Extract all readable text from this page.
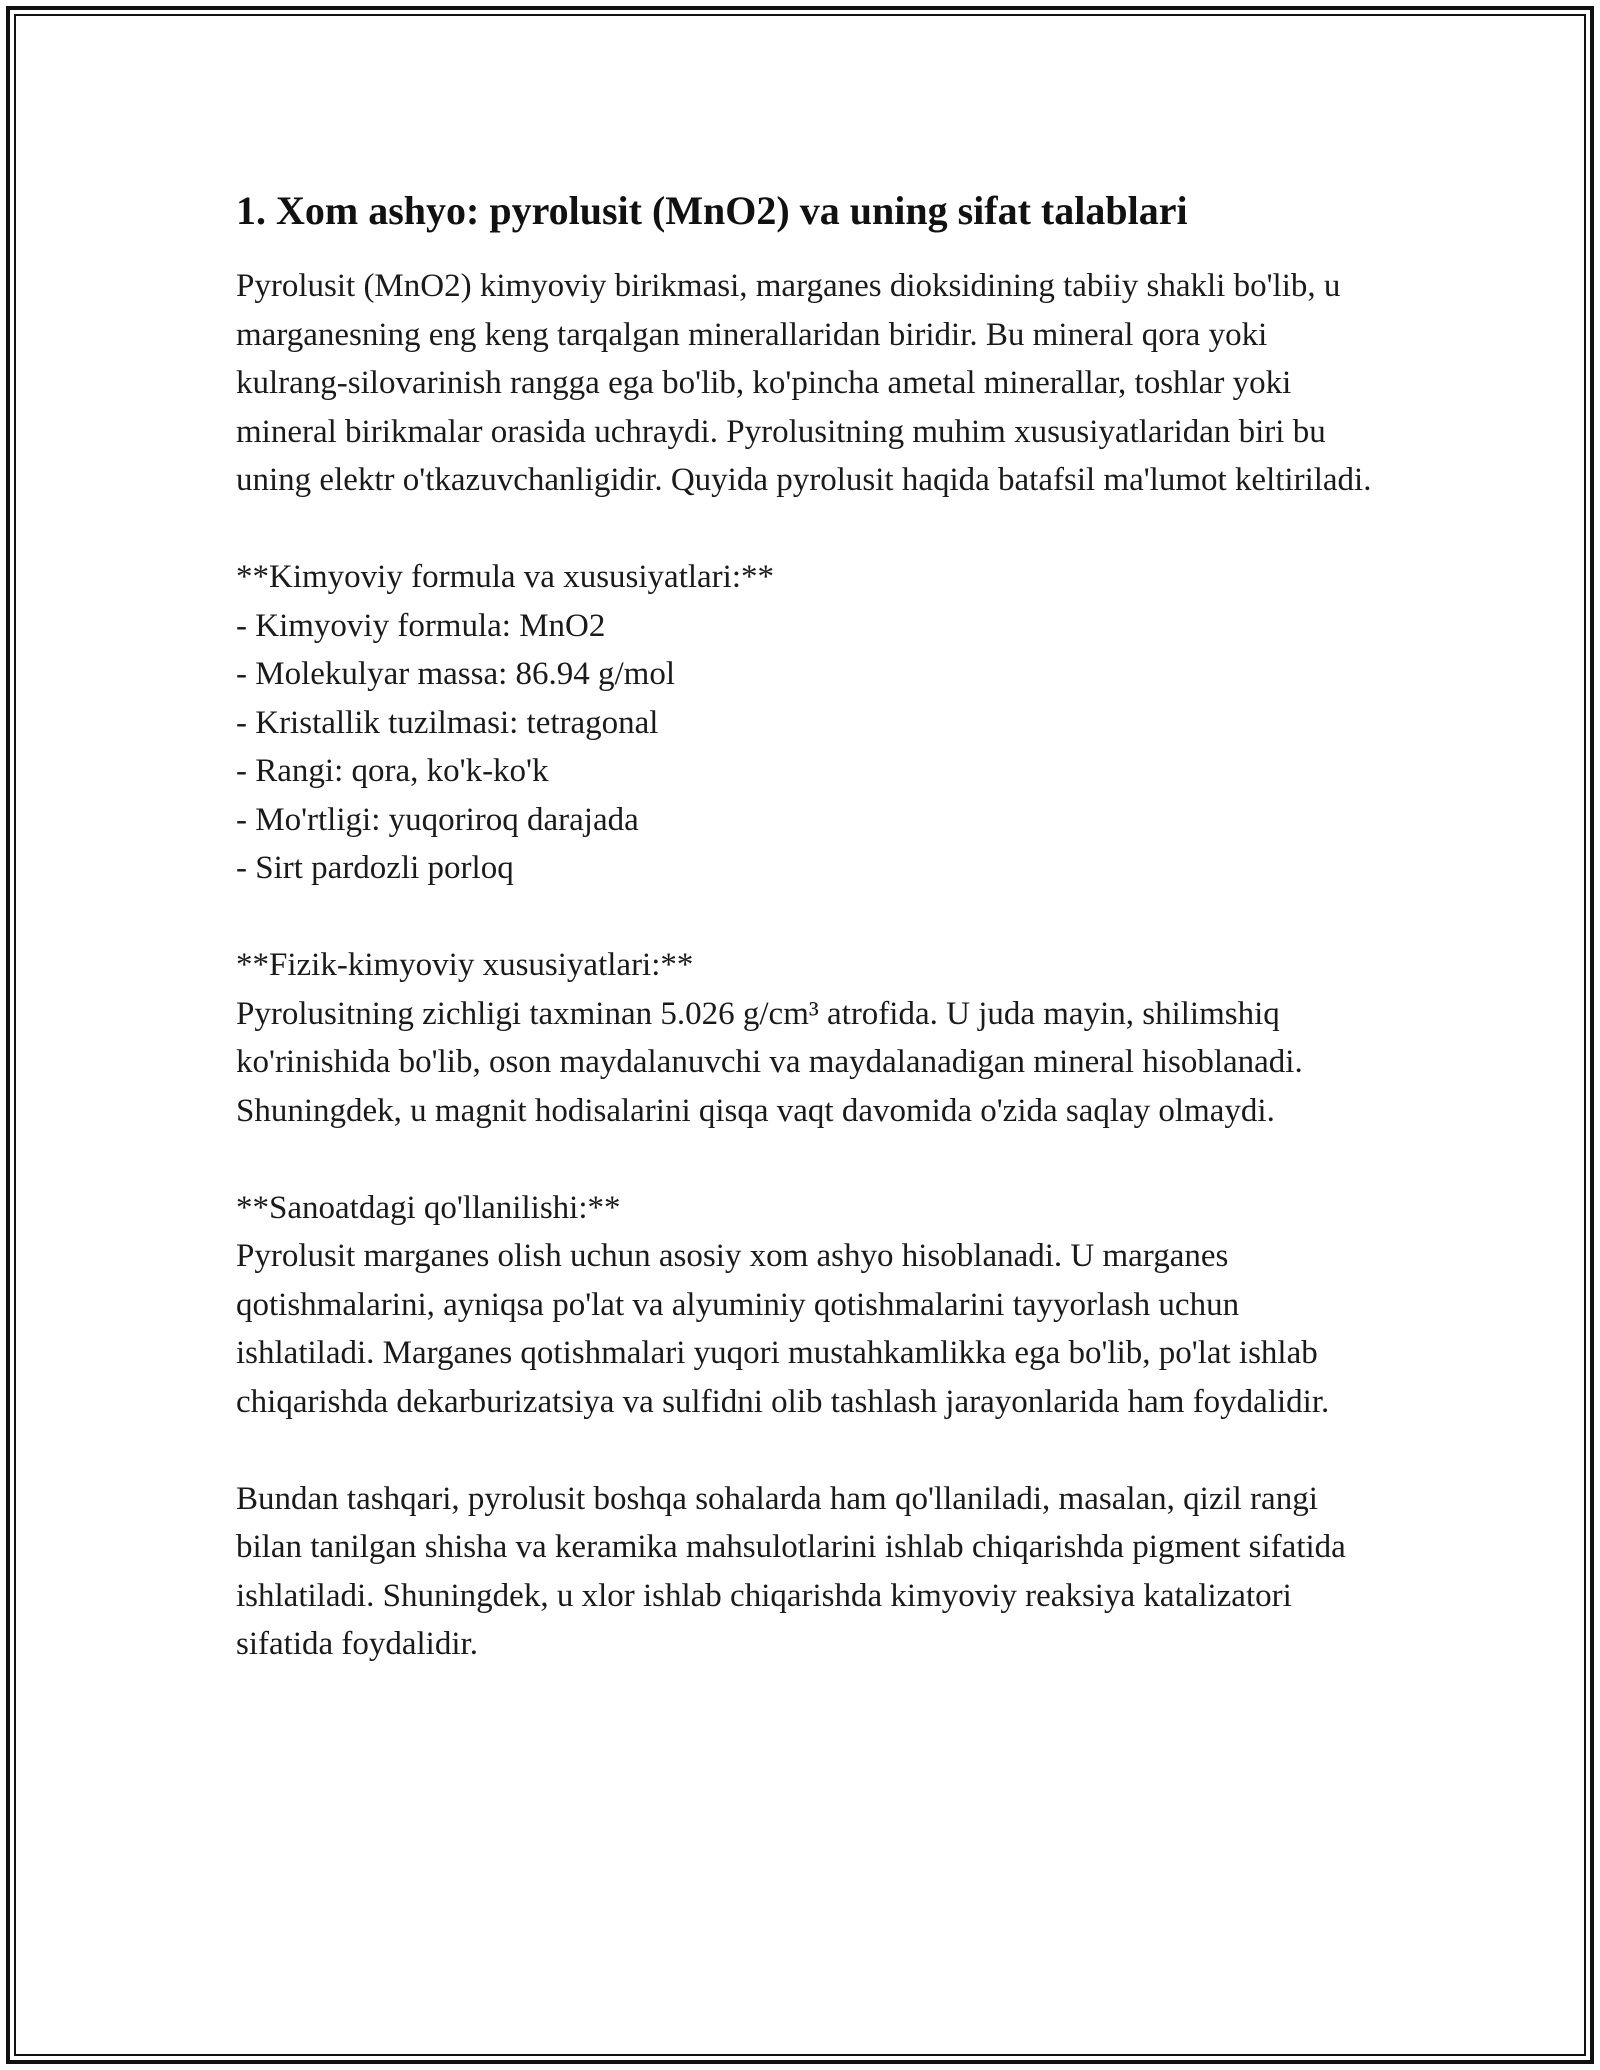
1. Xom ashyo: pyrolusit (MnO2) va uning sifat talablari

Pyrolusit (MnO2) kimyoviy birikmasi, marganes dioksidining tabiiy shakli bo'lib, u marganesning eng keng tarqalgan minerallaridan biridir. Bu mineral qora yoki kulrang-silovarinish rangga ega bo'lib, ko'pincha ametal minerallar, toshlar yoki mineral birikmalar orasida uchraydi. Pyrolusitning muhim xususiyatlaridan biri bu uning elektr o'tkazuvchanligidir. Quyida pyrolusit haqida batafsil ma'lumot keltiriladi.

**Kimyoviy formula va xususiyatlari:**

- Kimyoviy formula: MnO2

- Molekulyar massa: 86.94 g/mol

- Kristallik tuzilmasi: tetragonal

- Rangi: qora, ko'k-ko'k

- Mo'rtligi: yuqoriroq darajada

- Sirt pardozli porloq

**Fizik-kimyoviy xususiyatlari:**

Pyrolusitning zichligi taxminan 5.026 g/cm³ atrofida. U juda mayin, shilimshiq ko'rinishida bo'lib, oson maydalanuvchi va maydalanadigan mineral hisoblanadi. Shuningdek, u magnit hodisalarini qisqa vaqt davomida o'zida saqlay olmaydi.

**Sanoatdagi qo'llanilishi:**

Pyrolusit marganes olish uchun asosiy xom ashyo hisoblanadi. U marganes qotishmalarini, ayniqsa po'lat va alyuminiy qotishmalarini tayyorlash uchun ishlatiladi. Marganes qotishmalari yuqori mustahkamlikka ega bo'lib, po'lat ishlab chiqarishda dekarburizatsiya va sulfidni olib tashlash jarayonlarida ham foydalidir.

Bundan tashqari, pyrolusit boshqa sohalarda ham qo'llaniladi, masalan, qizil rangi bilan tanilgan shisha va keramika mahsulotlarini ishlab chiqarishda pigment sifatida ishlatiladi. Shuningdek, u xlor ishlab chiqarishda kimyoviy reaksiya katalizatori sifatida foydalidir.
